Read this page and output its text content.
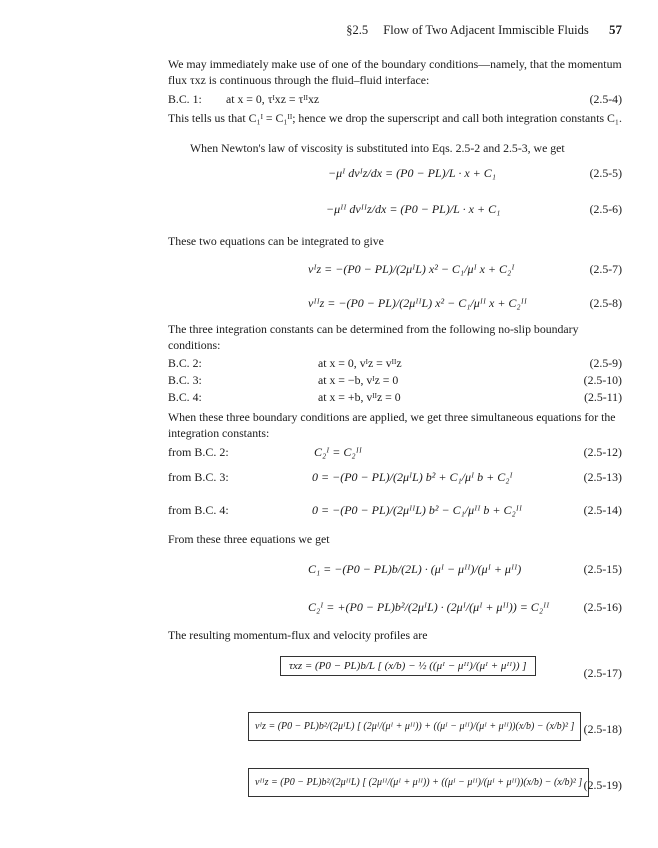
§2.5 Flow of Two Adjacent Immiscible Fluids 57
We may immediately make use of one of the boundary conditions—namely, that the momentum flux τxz is continuous through the fluid–fluid interface:
B.C. 1: at x = 0, τᴵxz = τᴵᴵxz	(2.5-4)
This tells us that C₁ᴵ = C₁ᴵᴵ; hence we drop the superscript and call both integration constants C₁.
When Newton's law of viscosity is substituted into Eqs. 2.5-2 and 2.5-3, we get
−μᴵ dvᴵz/dx = (P0 − PL)/L · x + C₁	(2.5-5)
−μᴵᴵ dvᴵᴵz/dx = (P0 − PL)/L · x + C₁	(2.5-6)
These two equations can be integrated to give
vᴵz = −(P0 − PL)/(2μᴵL) x² − C₁/μᴵ x + C₂ᴵ	(2.5-7)
vᴵᴵz = −(P0 − PL)/(2μᴵᴵL) x² − C₁/μᴵᴵ x + C₂ᴵᴵ	(2.5-8)
The three integration constants can be determined from the following no-slip boundary conditions:
B.C. 2:	at x = 0, vᴵz = vᴵᴵz	(2.5-9)
B.C. 3:	at x = −b, vᴵz = 0	(2.5-10)
B.C. 4:	at x = +b, vᴵᴵz = 0	(2.5-11)
When these three boundary conditions are applied, we get three simultaneous equations for the integration constants:
from B.C. 2:	C₂ᴵ = C₂ᴵᴵ	(2.5-12)
from B.C. 3:	0 = −(P0 − PL)/(2μᴵL) b² + C₁/μᴵ b + C₂ᴵ	(2.5-13)
from B.C. 4:	0 = −(P0 − PL)/(2μᴵᴵL) b² − C₁/μᴵᴵ b + C₂ᴵᴵ	(2.5-14)
From these three equations we get
C₁ = −(P0 − PL)b/(2L) · (μᴵ − μᴵᴵ)/(μᴵ + μᴵᴵ)	(2.5-15)
C₂ᴵ = +(P0 − PL)b²/(2μᴵL) · (2μᴵ/(μᴵ + μᴵᴵ)) = C₂ᴵᴵ	(2.5-16)
The resulting momentum-flux and velocity profiles are
τxz = (P0 − PL)b/L [ (x/b) − ½ ((μᴵ − μᴵᴵ)/(μᴵ + μᴵᴵ)) ]	(2.5-17)
vᴵz = (P0 − PL)b²/(2μᴵL) [ (2μᴵ/(μᴵ + μᴵᴵ)) + ((μᴵ − μᴵᴵ)/(μᴵ + μᴵᴵ))(x/b) − (x/b)² ] (2.5-18)
vᴵᴵz = (P0 − PL)b²/(2μᴵᴵL) [ (2μᴵᴵ/(μᴵ + μᴵᴵ)) + ((μᴵ − μᴵᴵ)/(μᴵ + μᴵᴵ))(x/b) − (x/b)² ] (2.5-19)
